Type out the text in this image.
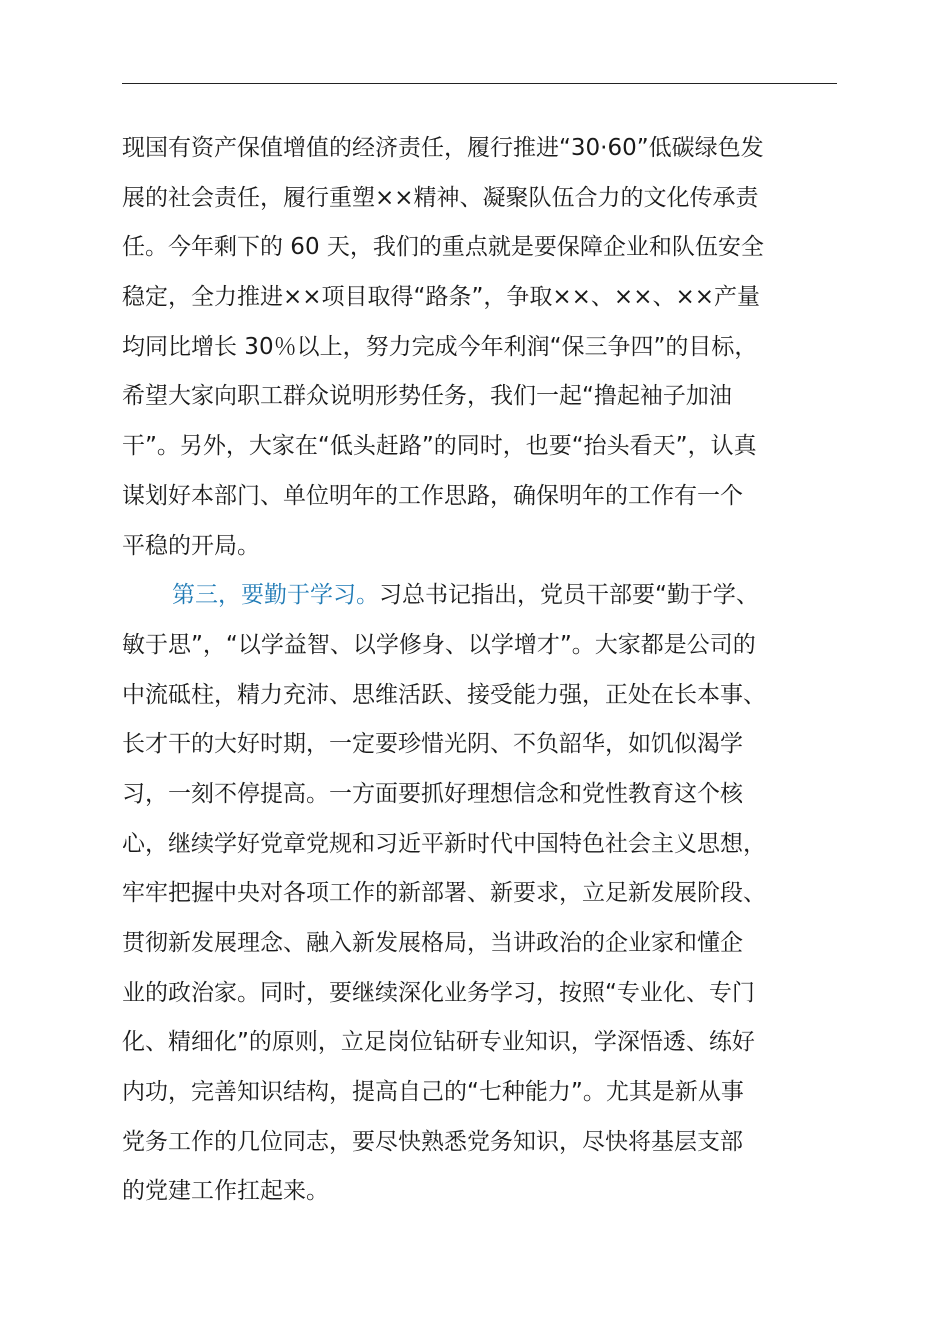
现国有资产保值增值的经济责任，履行推进“30·60”低碳绿色发
展的社会责任，履行重塑××精神、凝聚队伍合力的文化传承责
任。今年剩下的 60 天，我们的重点就是要保障企业和队伍安全
稳定，全力推进××项目取得“路条”，争取××、××、××产量
均同比增长 30％以上，努力完成今年利润“保三争四”的目标，
希望大家向职工群众说明形势任务，我们一起“撸起袖子加油
干”。另外，大家在“低头赶路”的同时，也要“抬头看天”，认真
谋划好本部门、单位明年的工作思路，确保明年的工作有一个
平稳的开局。
第三，要勤于学习。习总书记指出，党员干部要“勤于学、
敏于思”，“以学益智、以学修身、以学增才”。大家都是公司的
中流砥柱，精力充沛、思维活跃、接受能力强，正处在长本事、
长才干的大好时期，一定要珍惜光阴、不负韶华，如饥似渴学
习，一刻不停提高。一方面要抓好理想信念和党性教育这个核
心，继续学好党章党规和习近平新时代中国特色社会主义思想，
牢牢把握中央对各项工作的新部署、新要求，立足新发展阶段、
贯彻新发展理念、融入新发展格局，当讲政治的企业家和懂企
业的政治家。同时，要继续深化业务学习，按照“专业化、专门
化、精细化”的原则，立足岗位钻研专业知识，学深悟透、练好
内功，完善知识结构，提高自己的“七种能力”。尤其是新从事
党务工作的几位同志，要尽快熟悉党务知识，尽快将基层支部
的党建工作扛起来。
